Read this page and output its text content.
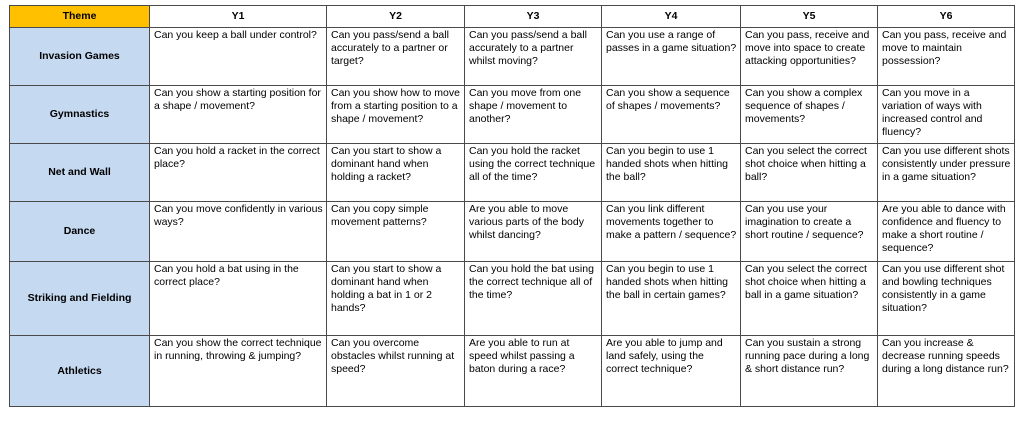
Theme	Y1	Y2	Y3	Y4	Y5	Y6
Invasion Games	Can you keep a ball under control?	Can you pass/send a ball accurately to a partner or target?	Can you pass/send a ball accurately to a partner whilst moving?	Can you use a range of passes in a game situation?	Can you pass, receive and move into space to create attacking opportunities?	Can you pass, receive and move to maintain possession?

Gymnastics	Can you show a starting position for a shape / movement?	Can you show how to move from a starting position to a shape / movement?	Can you move from one shape / movement to another?	Can you show a sequence of shapes / movements?	Can you show a complex sequence of shapes / movements?	Can you move in a variation of ways with increased control and fluency?

Net and Wall	Can you hold a racket in the correct place?	Can you start to show a dominant hand when holding a racket?	Can you hold the racket using the correct technique all of the time?	Can you begin to use 1 handed shots when hitting the ball?	Can you select the correct shot choice when hitting a ball?	Can you use different shots consistently under pressure in a game situation?

Dance	Can you move confidently in various ways?	Can you copy simple movement patterns?	Are you able to move various parts of the body whilst dancing?	Can you link different movements together to make a pattern / sequence?	Can you use your imagination to create a short routine / sequence?	Are you able to dance with confidence and fluency to make a short routine / sequence?

Striking and Fielding	Can you hold a bat using in the correct place?	Can you start to show a dominant hand when holding a bat in 1 or 2 hands?	Can you hold the bat using the correct technique all of the time?	Can you begin to use 1 handed shots when hitting the ball in certain games?	Can you select the correct shot choice when hitting a ball in a game situation?	Can you use different shot and bowling techniques consistently in a game situation?

Athletics	Can you show the correct technique in running, throwing & jumping?	Can you overcome obstacles whilst running at speed?	Are you able to run at speed whilst passing a baton during a race?	Are you able to jump and land safely, using the correct technique?	Can you sustain a strong running pace during a long & short distance run?	Can you increase & decrease running speeds during a long distance run?
